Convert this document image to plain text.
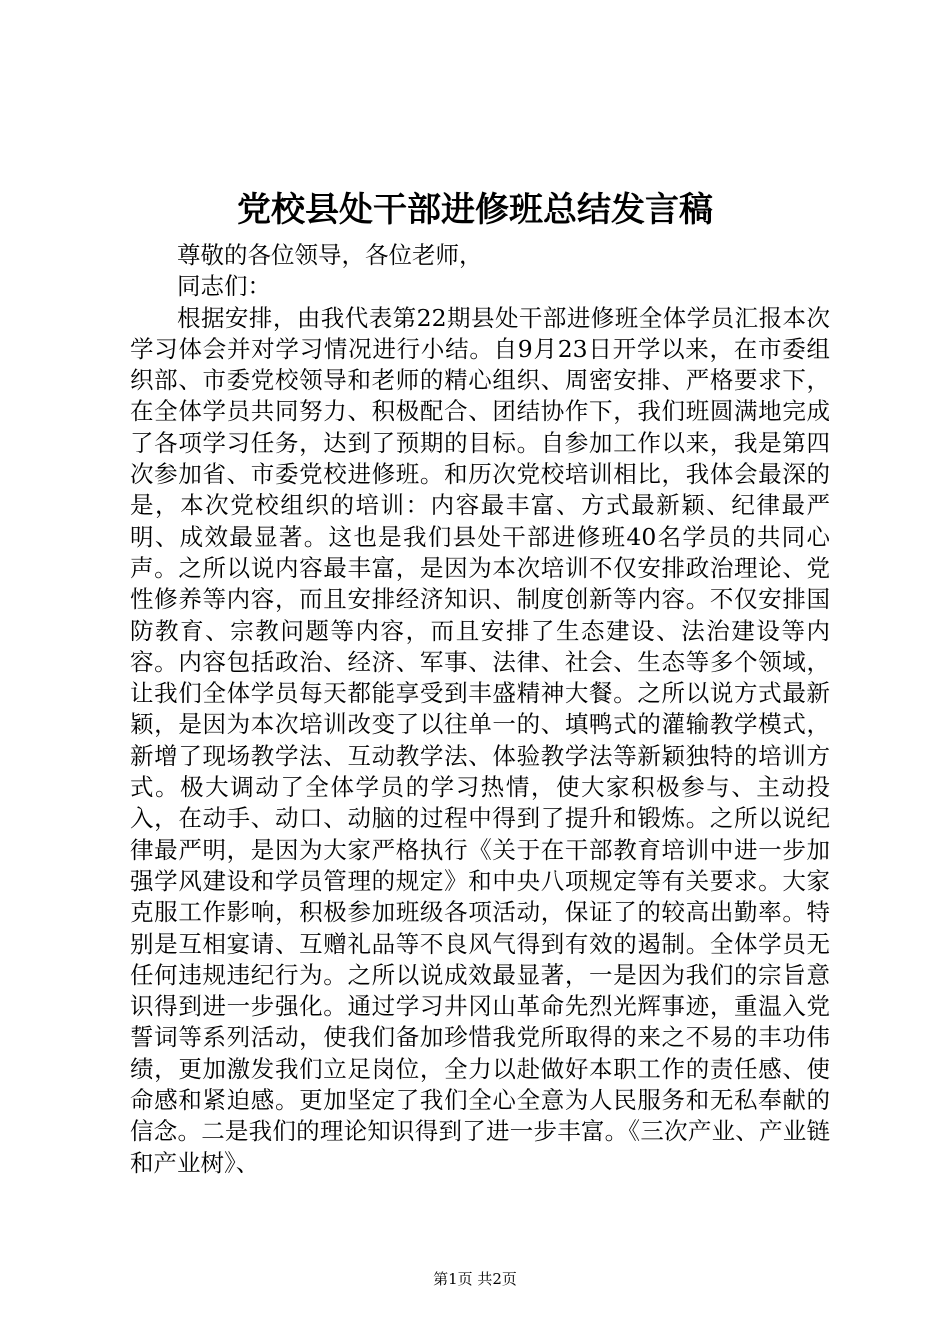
党校县处干部进修班总结发言稿

尊敬的各位领导，各位老师，

同志们：

根据安排，由我代表第22期县处干部进修班全体学员汇报本次学习体会并对学习情况进行小结。自9月23日开学以来，在市委组织部、市委党校领导和老师的精心组织、周密安排、严格要求下，在全体学员共同努力、积极配合、团结协作下，我们班圆满地完成了各项学习任务，达到了预期的目标。自参加工作以来，我是第四次参加省、市委党校进修班。和历次党校培训相比，我体会最深的是，本次党校组织的培训：内容最丰富、方式最新颖、纪律最严明、成效最显著。这也是我们县处干部进修班40名学员的共同心声。之所以说内容最丰富，是因为本次培训不仅安排政治理论、党性修养等内容，而且安排经济知识、制度创新等内容。不仅安排国防教育、宗教问题等内容，而且安排了生态建设、法治建设等内容。内容包括政治、经济、军事、法律、社会、生态等多个领域，让我们全体学员每天都能享受到丰盛精神大餐。之所以说方式最新颖，是因为本次培训改变了以往单一的、填鸭式的灌输教学模式，新增了现场教学法、互动教学法、体验教学法等新颖独特的培训方式。极大调动了全体学员的学习热情，使大家积极参与、主动投入，在动手、动口、动脑的过程中得到了提升和锻炼。之所以说纪律最严明，是因为大家严格执行《关于在干部教育培训中进一步加强学风建设和学员管理的规定》和中央八项规定等有关要求。大家克服工作影响，积极参加班级各项活动，保证了的较高出勤率。特别是互相宴请、互赠礼品等不良风气得到有效的遏制。全体学员无任何违规违纪行为。之所以说成效最显著，一是因为我们的宗旨意识得到进一步强化。通过学习井冈山革命先烈光辉事迹，重温入党誓词等系列活动，使我们备加珍惜我党所取得的来之不易的丰功伟绩，更加激发我们立足岗位，全力以赴做好本职工作的责任感、使命感和紧迫感。更加坚定了我们全心全意为人民服务和无私奉献的信念。二是我们的理论知识得到了进一步丰富。《三次产业、产业链和产业树》、

第1页 共2页
